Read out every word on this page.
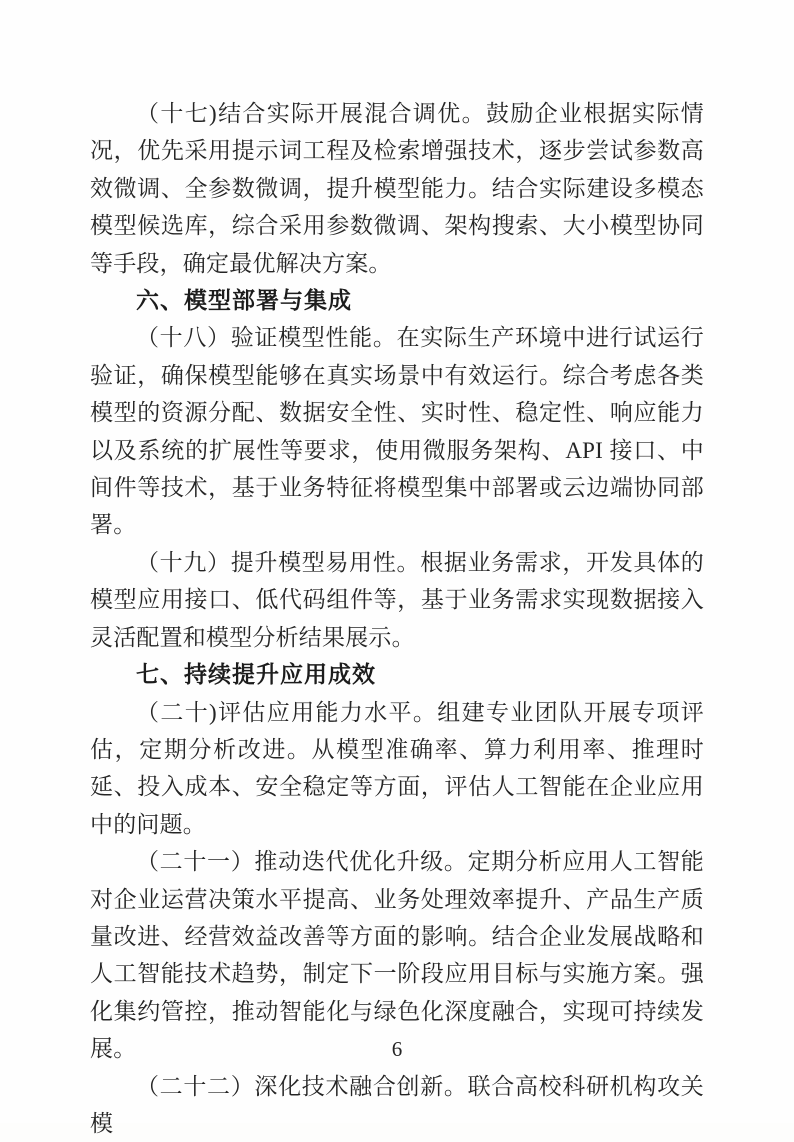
（十七)结合实际开展混合调优。鼓励企业根据实际情况，优先采用提示词工程及检索增强技术，逐步尝试参数高效微调、全参数微调，提升模型能力。结合实际建设多模态模型候选库，综合采用参数微调、架构搜索、大小模型协同等手段，确定最优解决方案。

六、模型部署与集成

（十八）验证模型性能。在实际生产环境中进行试运行验证，确保模型能够在真实场景中有效运行。综合考虑各类模型的资源分配、数据安全性、实时性、稳定性、响应能力以及系统的扩展性等要求，使用微服务架构、API 接口、中间件等技术，基于业务特征将模型集中部署或云边端协同部署。

（十九）提升模型易用性。根据业务需求，开发具体的模型应用接口、低代码组件等，基于业务需求实现数据接入灵活配置和模型分析结果展示。

七、持续提升应用成效

（二十)评估应用能力水平。组建专业团队开展专项评估，定期分析改进。从模型准确率、算力利用率、推理时延、投入成本、安全稳定等方面，评估人工智能在企业应用中的问题。

（二十一）推动迭代优化升级。定期分析应用人工智能对企业运营决策水平提高、业务处理效率提升、产品生产质量改进、经营效益改善等方面的影响。结合企业发展战略和人工智能技术趋势，制定下一阶段应用目标与实施方案。强化集约管控，推动智能化与绿色化深度融合，实现可持续发展。

（二十二）深化技术融合创新。联合高校科研机构攻关模

6
